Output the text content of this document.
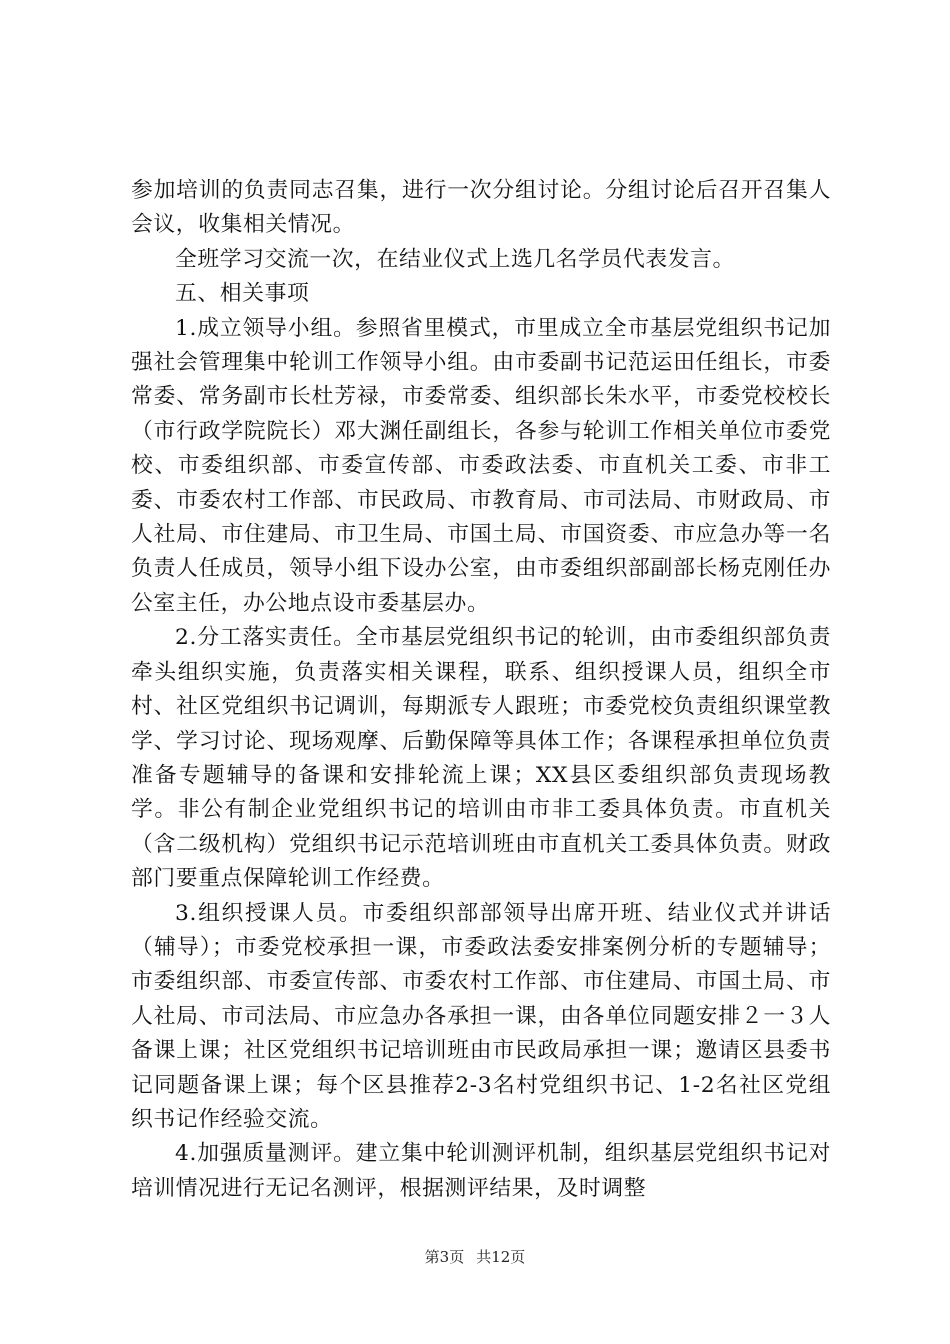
参加培训的负责同志召集，进行一次分组讨论。分组讨论后召开召集人会议，收集相关情况。

全班学习交流一次，在结业仪式上选几名学员代表发言。

五、相关事项

1.成立领导小组。参照省里模式，市里成立全市基层党组织书记加强社会管理集中轮训工作领导小组。由市委副书记范运田任组长，市委常委、常务副市长杜芳禄，市委常委、组织部长朱水平，市委党校校长（市行政学院院长）邓大渊任副组长，各参与轮训工作相关单位市委党校、市委组织部、市委宣传部、市委政法委、市直机关工委、市非工委、市委农村工作部、市民政局、市教育局、市司法局、市财政局、市人社局、市住建局、市卫生局、市国土局、市国资委、市应急办等一名负责人任成员，领导小组下设办公室，由市委组织部副部长杨克刚任办公室主任，办公地点设市委基层办。

2.分工落实责任。全市基层党组织书记的轮训，由市委组织部负责牵头组织实施，负责落实相关课程，联系、组织授课人员，组织全市村、社区党组织书记调训，每期派专人跟班；市委党校负责组织课堂教学、学习讨论、现场观摩、后勤保障等具体工作；各课程承担单位负责准备专题辅导的备课和安排轮流上课；XX县区委组织部负责现场教学。非公有制企业党组织书记的培训由市非工委具体负责。市直机关（含二级机构）党组织书记示范培训班由市直机关工委具体负责。财政部门要重点保障轮训工作经费。

3.组织授课人员。市委组织部部领导出席开班、结业仪式并讲话（辅导）；市委党校承担一课，市委政法委安排案例分析的专题辅导；市委组织部、市委宣传部、市委农村工作部、市住建局、市国土局、市人社局、市司法局、市应急办各承担一课，由各单位同题安排２一３人备课上课；社区党组织书记培训班由市民政局承担一课；邀请区县委书记同题备课上课；每个区县推荐2-3名村党组织书记、1-2名社区党组织书记作经验交流。

4.加强质量测评。建立集中轮训测评机制，组织基层党组织书记对培训情况进行无记名测评，根据测评结果，及时调整

第3页 共12页
